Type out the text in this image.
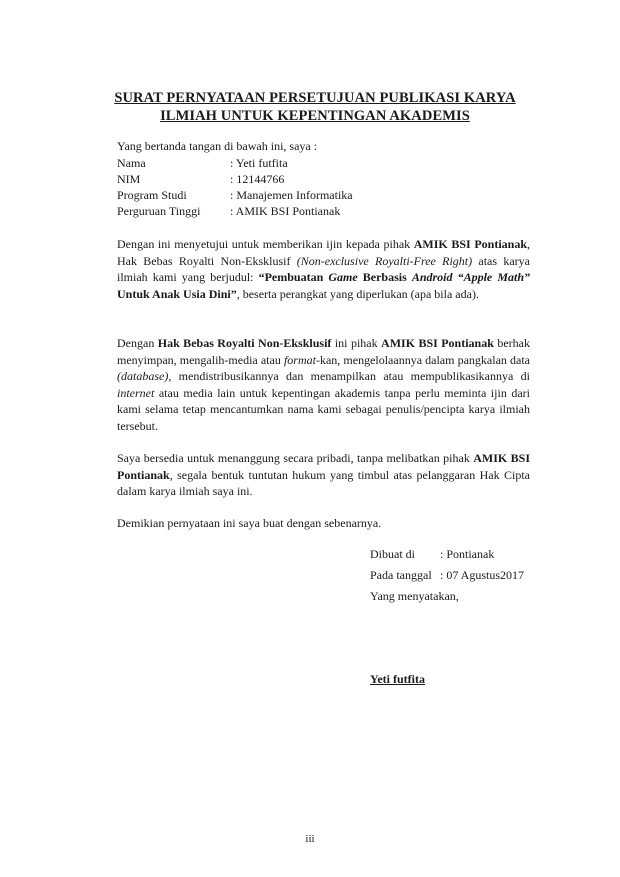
SURAT PERNYATAAN PERSETUJUAN PUBLIKASI KARYA
ILMIAH UNTUK KEPENTINGAN AKADEMIS
Yang bertanda tangan di bawah ini, saya :
Nama	: Yeti futfita
NIM	: 12144766
Program Studi	: Manajemen Informatika
Perguruan Tinggi : AMIK BSI Pontianak
Dengan ini menyetujui untuk memberikan ijin kepada pihak AMIK BSI Pontianak, Hak Bebas Royalti Non-Eksklusif (Non-exclusive Royalti-Free Right) atas karya ilmiah kami yang berjudul: “Pembuatan Game Berbasis Android “Apple Math” Untuk Anak Usia Dini”, beserta perangkat yang diperlukan (apa bila ada).
Dengan Hak Bebas Royalti Non-Eksklusif ini pihak AMIK BSI Pontianak berhak menyimpan, mengalih-media atau format-kan, mengelolaannya dalam pangkalan data (database), mendistribusikannya dan menampilkan atau mempublikasikannya di internet atau media lain untuk kepentingan akademis tanpa perlu meminta ijin dari kami selama tetap mencantumkan nama kami sebagai penulis/pencipta karya ilmiah tersebut.
Saya bersedia untuk menanggung secara pribadi, tanpa melibatkan pihak AMIK BSI Pontianak, segala bentuk tuntutan hukum yang timbul atas pelanggaran Hak Cipta dalam karya ilmiah saya ini.
Demikian pernyataan ini saya buat dengan sebenarnya.
Dibuat di : Pontianak
Pada tanggal : 07 Agustus2017
Yang menyatakan,
Yeti futfita
iii
